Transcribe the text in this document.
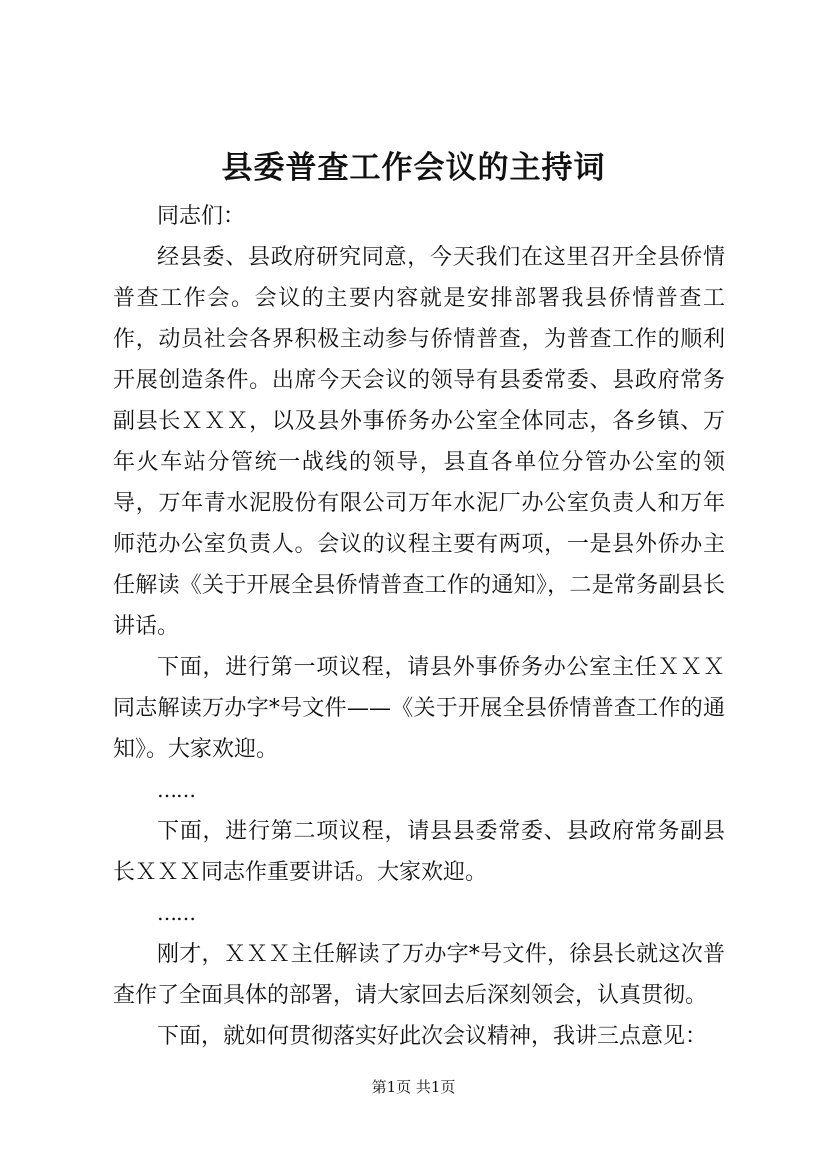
县委普查工作会议的主持词

同志们：

经县委、县政府研究同意，今天我们在这里召开全县侨情普查工作会。会议的主要内容就是安排部署我县侨情普查工作，动员社会各界积极主动参与侨情普查，为普查工作的顺利开展创造条件。出席今天会议的领导有县委常委、县政府常务副县长ＸＸＸ，以及县外事侨务办公室全体同志，各乡镇、万年火车站分管统一战线的领导，县直各单位分管办公室的领导，万年青水泥股份有限公司万年水泥厂办公室负责人和万年师范办公室负责人。会议的议程主要有两项，一是县外侨办主任解读《关于开展全县侨情普查工作的通知》，二是常务副县长讲话。

下面，进行第一项议程，请县外事侨务办公室主任ＸＸＸ同志解读万办字*号文件——《关于开展全县侨情普查工作的通知》。大家欢迎。

……

下面，进行第二项议程，请县县委常委、县政府常务副县长ＸＸＸ同志作重要讲话。大家欢迎。

……

刚才，ＸＸＸ主任解读了万办字*号文件，徐县长就这次普查作了全面具体的部署，请大家回去后深刻领会，认真贯彻。

下面，就如何贯彻落实好此次会议精神，我讲三点意见：

第1页 共1页
